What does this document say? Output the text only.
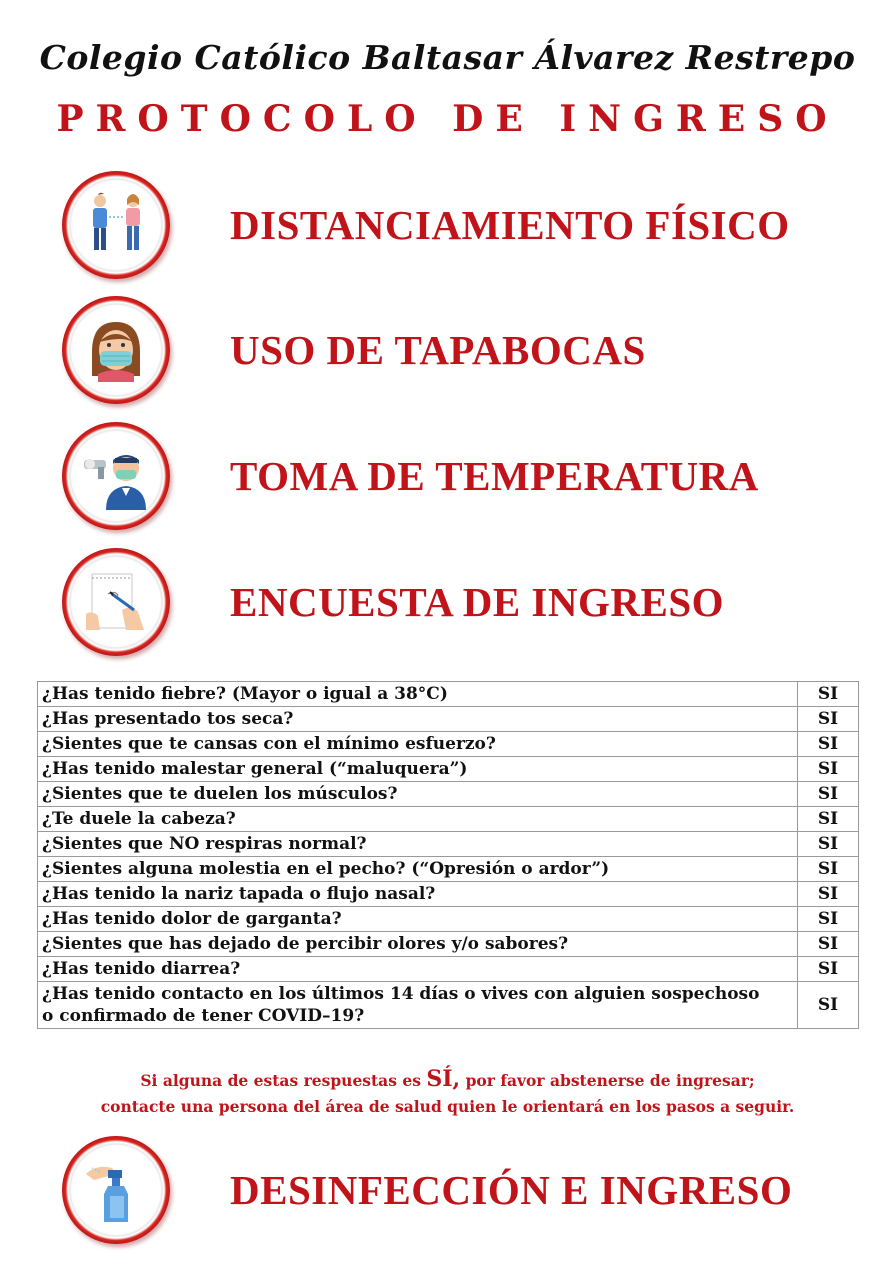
Colegio Católico Baltasar Álvarez Restrepo
PROTOCOLO DE INGRESO
DISTANCIAMIENTO FÍSICO
USO DE TAPABOCAS
TOMA DE TEMPERATURA
ENCUESTA DE INGRESO
¿Has tenido fiebre? (Mayor o igual a 38°C)	SI

¿Has presentado tos seca?	SI

¿Sientes que te cansas con el mínimo esfuerzo?	SI

¿Has tenido malestar general (“maluquera”)	SI

¿Sientes que te duelen los músculos?	SI

¿Te duele la cabeza?	SI

¿Sientes que NO respiras normal?	SI

¿Sientes alguna molestia en el pecho? (“Opresión o ardor”)	SI

¿Has tenido la nariz tapada o flujo nasal?	SI

¿Has tenido dolor de garganta?	SI

¿Sientes que has dejado de percibir olores y/o sabores?	SI

¿Has tenido diarrea?	SI

¿Has tenido contacto en los últimos 14 días o vives con alguien sospechoso
o confirmado de tener COVID–19?	SI
Si alguna de estas respuestas es SÍ, por favor abstenerse de ingresar;
contacte una persona del área de salud quien le orientará en los pasos a seguir.
DESINFECCIÓN E INGRESO
